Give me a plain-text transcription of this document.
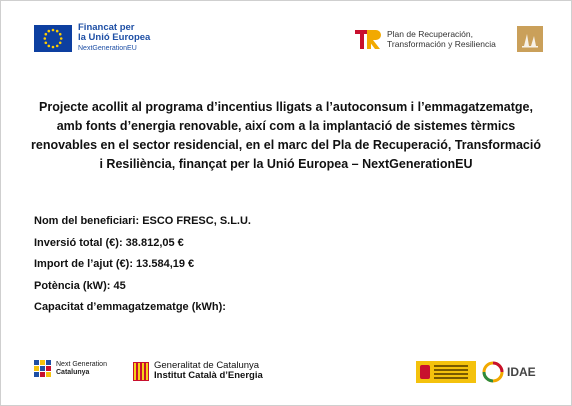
Financat per
la Unió Europea
NextGenerationEU
Plan de Recuperación,
Transformación y Resiliencia
Projecte acollit al programa d’incentius lligats a l’autoconsum i l’emmagatzematge, amb fonts d’energia renovable, així com a la implantació de sistemes tèrmics renovables en el sector residencial, en el marc del Pla de Recuperació, Transformació i Resiliència, finançat per la Unió Europea – NextGenerationEU
Nom del beneficiari: ESCO FRESC, S.L.U.
Inversió total (€): 38.812,05 €
Import de l’ajut (€): 13.584,19 €
Potència (kW): 45
Capacitat d’emmagatzematge (kWh):
Next Generation
Catalunya
Generalitat de Catalunya
Institut Català d’Energia	IDAE
